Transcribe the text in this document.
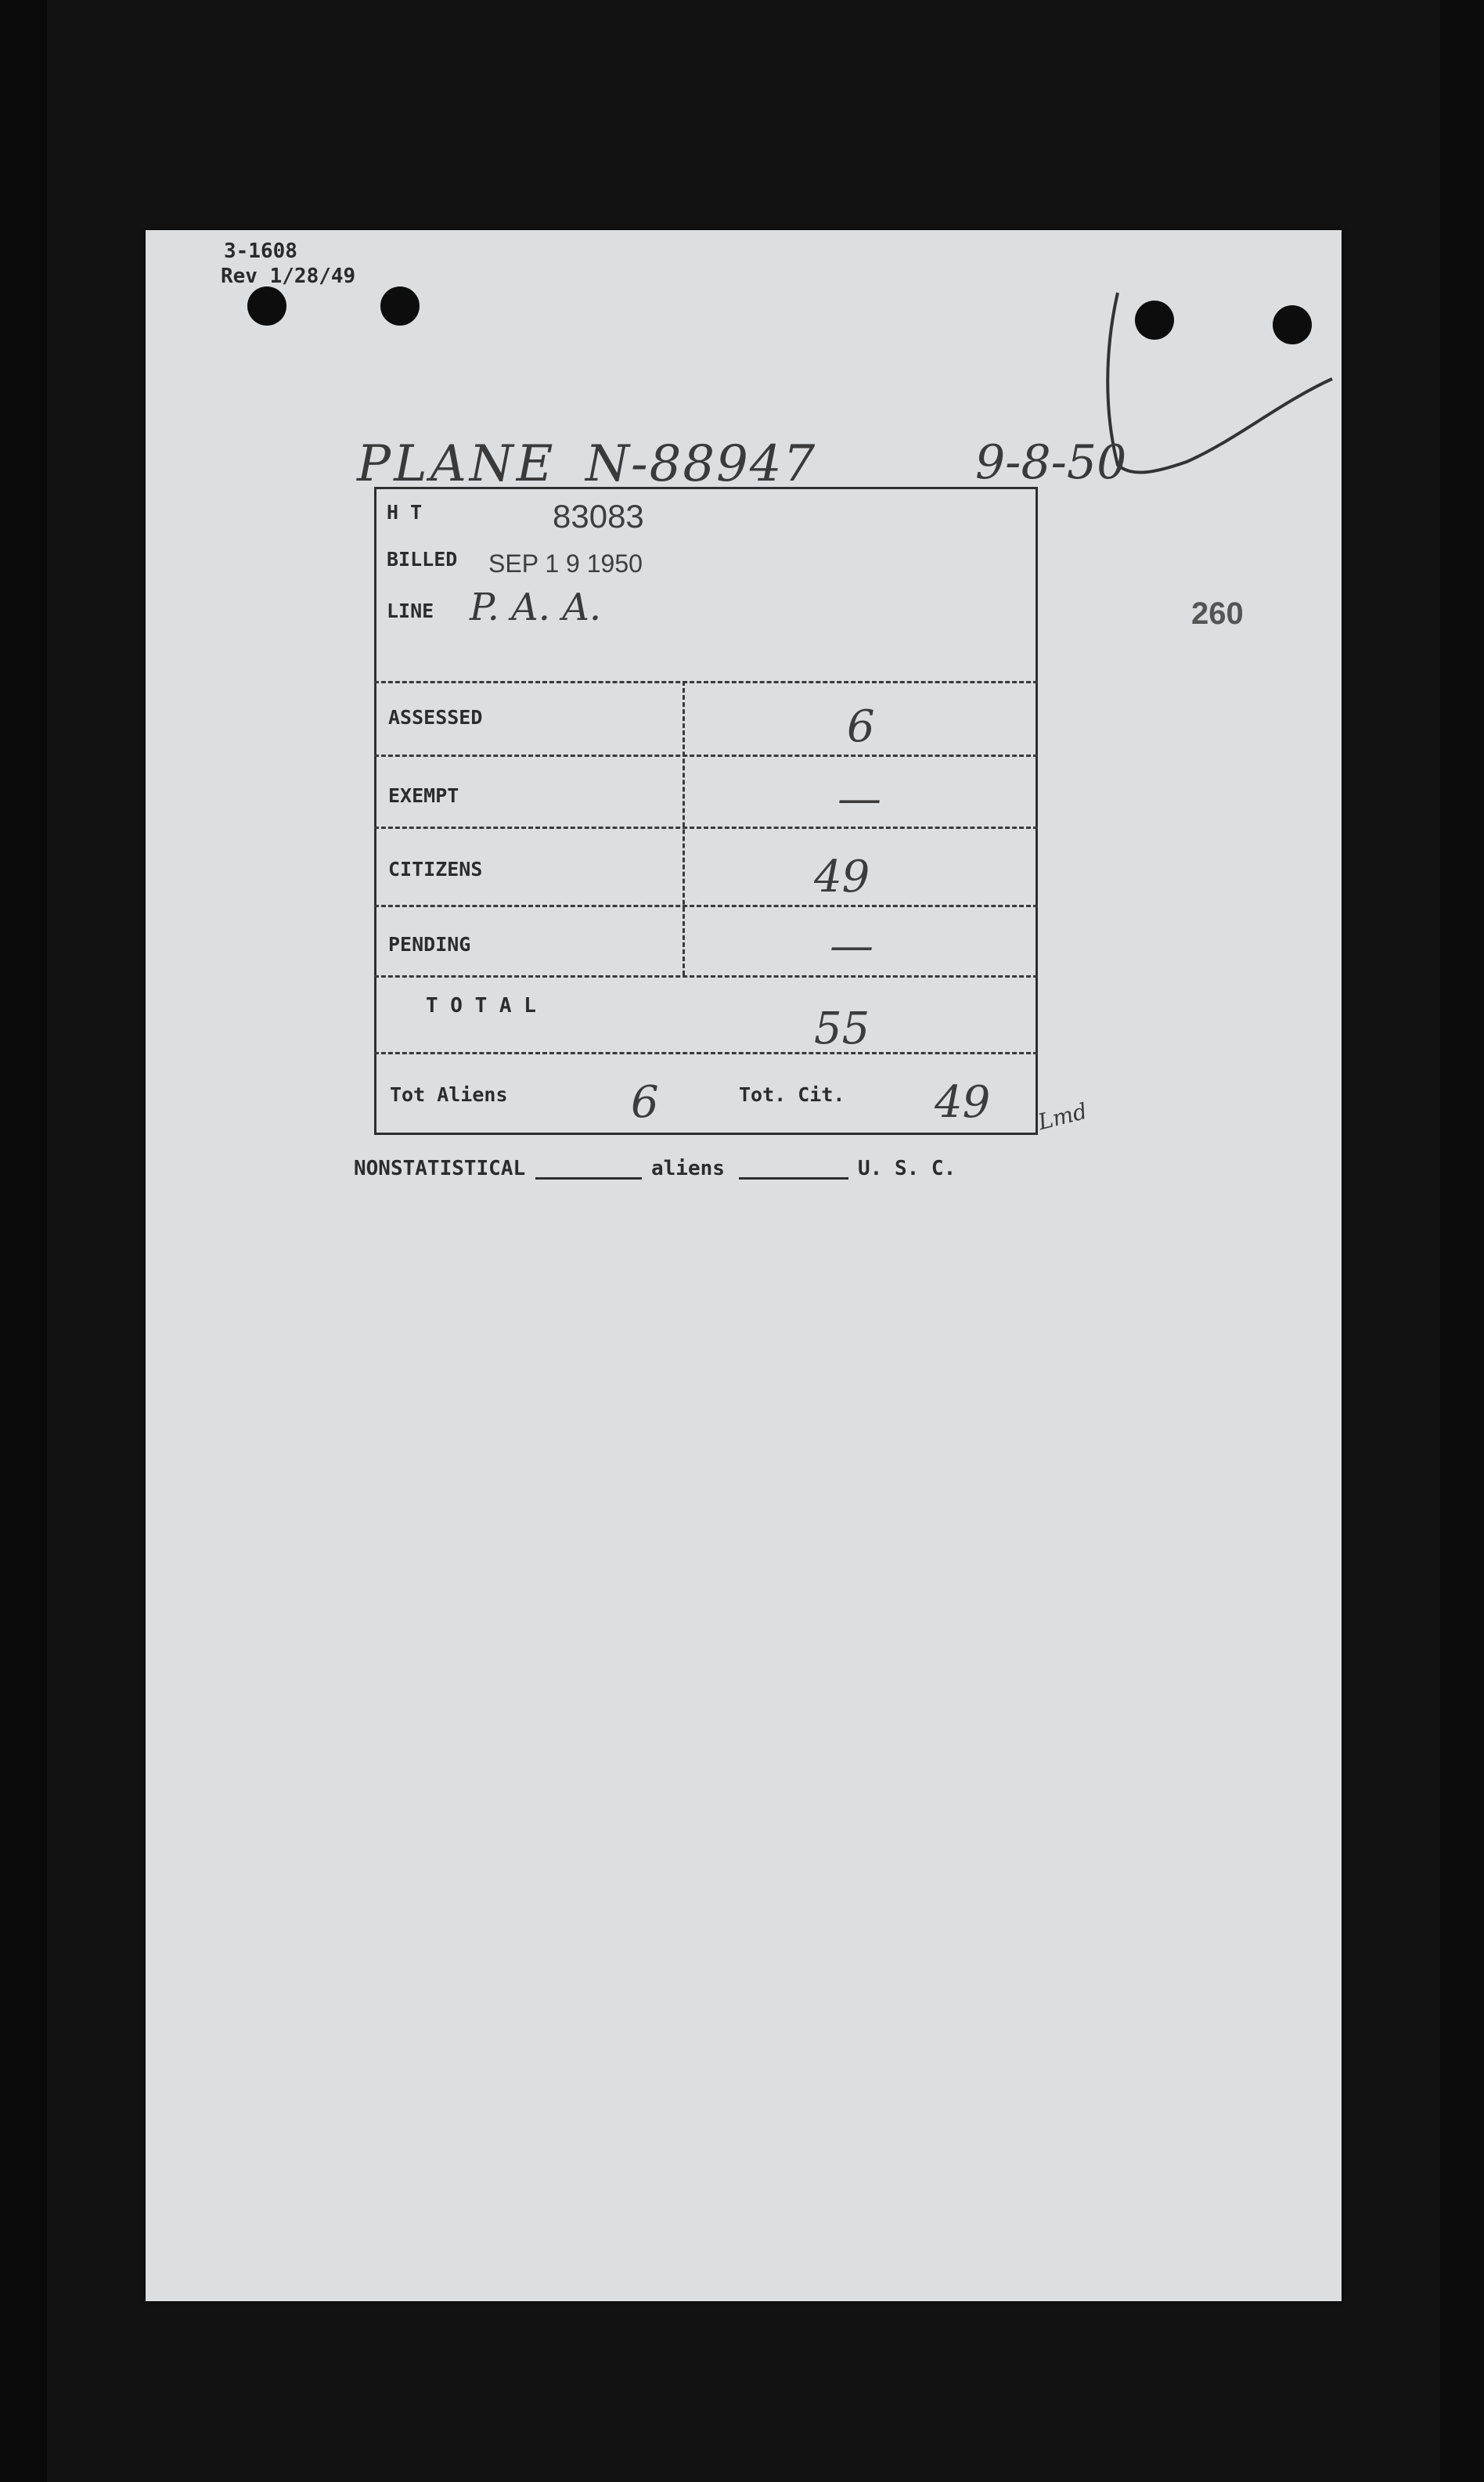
3-1608
Rev 1/28/49
PLANE N-88947	9-8-50
260
H T	83083
BILLED SEP 1 9 1950
LINE P. A. A.
ASSESSED	6
EXEMPT	—
CITIZENS	49
PENDING	—
T O T A L	55
Tot Aliens	6	Tot. Cit. 49 Lmd
NONSTATISTICAL	aliens	U. S. C.
